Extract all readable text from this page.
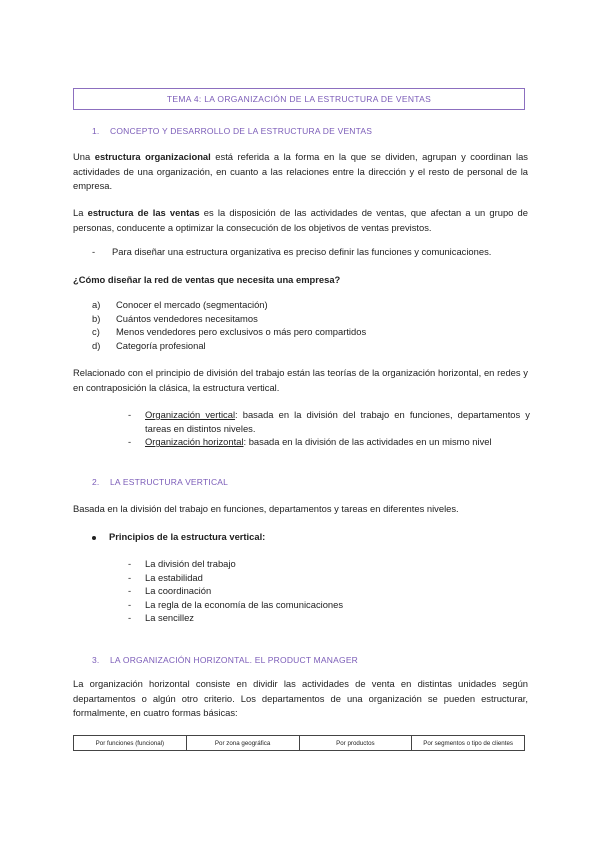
TEMA 4: LA ORGANIZACIÓN DE LA ESTRUCTURA DE VENTAS
1. CONCEPTO Y DESARROLLO DE LA ESTRUCTURA DE VENTAS
Una estructura organizacional está referida a la forma en la que se dividen, agrupan y coordinan las actividades de una organización, en cuanto a las relaciones entre la dirección y el resto de personal de la empresa.
La estructura de las ventas es la disposición de las actividades de ventas, que afectan a un grupo de personas, conducente a optimizar la consecución de los objetivos de ventas previstos.
- Para diseñar una estructura organizativa es preciso definir las funciones y comunicaciones.
¿Cómo diseñar la red de ventas que necesita una empresa?
a) Conocer el mercado (segmentación)
b) Cuántos vendedores necesitamos
c) Menos vendedores pero exclusivos o más pero compartidos
d) Categoría profesional
Relacionado con el principio de división del trabajo están las teorías de la organización horizontal, en redes y en contraposición la clásica, la estructura vertical.
- Organización vertical: basada en la división del trabajo en funciones, departamentos y tareas en distintos niveles.
- Organización horizontal: basada en la división de las actividades en un mismo nivel
2. LA ESTRUCTURA VERTICAL
Basada en la división del trabajo en funciones, departamentos y tareas en diferentes niveles.
Principios de la estructura vertical:
- La división del trabajo
- La estabilidad
- La coordinación
- La regla de la economía de las comunicaciones
- La sencillez
3. LA ORGANIZACIÓN HORIZONTAL. EL PRODUCT MANAGER
La organización horizontal consiste en dividir las actividades de venta en distintas unidades según departamentos o algún otro criterio. Los departamentos de una organización se pueden estructurar, formalmente, en cuatro formas básicas:
Por funciones (funcional)	Por zona geográfica	Por productos	Por segmentos o tipo de clientes
